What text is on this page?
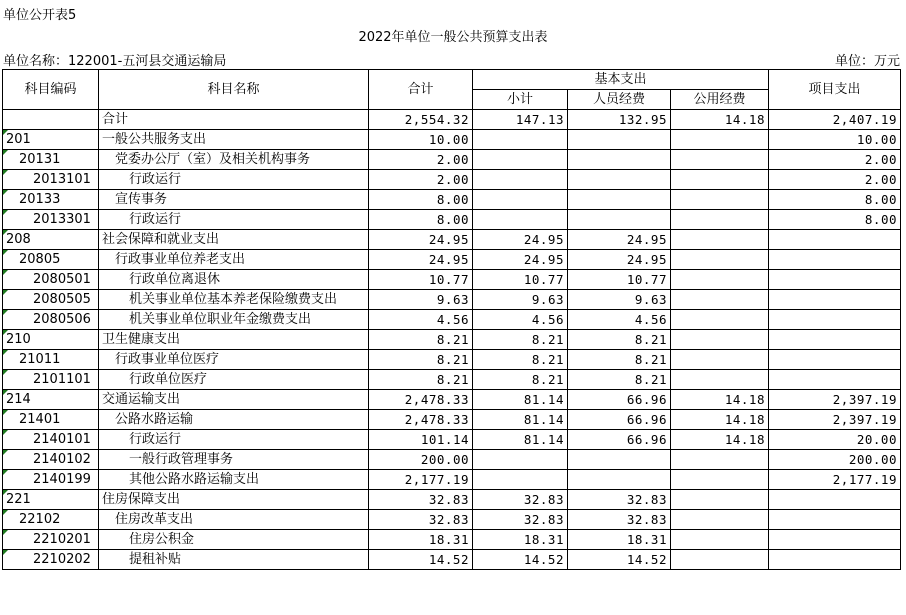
单位公开表5
2022年单位一般公共预算支出表
单位名称：122001-五河县交通运输局	单位：万元
科目编码	科目名称	合计	基本支出			项目支出
			小计	人员经费	公用经费	
	合计	2,554.32	147.13	132.95	14.18	2,407.19
201	一般公共服务支出	10.00				10.00
20131	党委办公厅（室）及相关机构事务	2.00				2.00
2013101	行政运行	2.00				2.00
20133	宣传事务	8.00				8.00
2013301	行政运行	8.00				8.00
208	社会保障和就业支出	24.95	24.95	24.95		
20805	行政事业单位养老支出	24.95	24.95	24.95		
2080501	行政单位离退休	10.77	10.77	10.77		
2080505	机关事业单位基本养老保险缴费支出	9.63	9.63	9.63		
2080506	机关事业单位职业年金缴费支出	4.56	4.56	4.56		
210	卫生健康支出	8.21	8.21	8.21		
21011	行政事业单位医疗	8.21	8.21	8.21		
2101101	行政单位医疗	8.21	8.21	8.21		
214	交通运输支出	2,478.33	81.14	66.96	14.18	2,397.19
21401	公路水路运输	2,478.33	81.14	66.96	14.18	2,397.19
2140101	行政运行	101.14	81.14	66.96	14.18	20.00
2140102	一般行政管理事务	200.00				200.00
2140199	其他公路水路运输支出	2,177.19				2,177.19
221	住房保障支出	32.83	32.83	32.83		
22102	住房改革支出	32.83	32.83	32.83		
2210201	住房公积金	18.31	18.31	18.31		
2210202	提租补贴	14.52	14.52	14.52		
